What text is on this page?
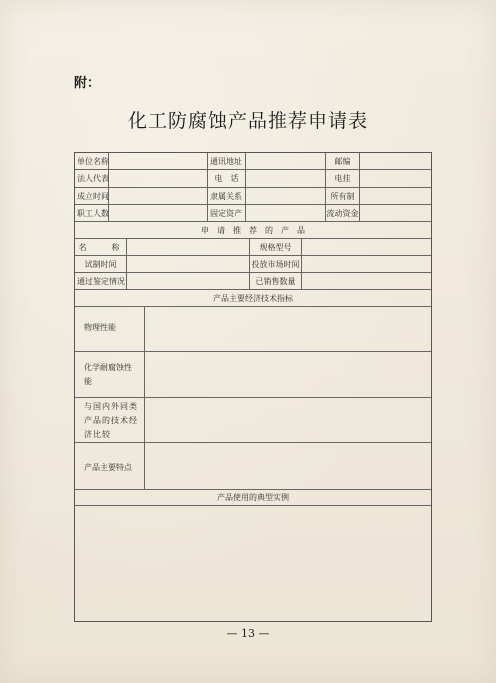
附：
化工防腐蚀产品推荐申请表
单位名称	通讯地址	邮编
法人代表	电　话	电挂
成立时间	隶属关系	所有制
职工人数	固定资产	流动资金
申　请　推　荐　的　产　品
名　　称	规格型号
试制时间	投放市场时间
通过鉴定情况	已销售数量
产品主要经济技术指标
物理性能
化学耐腐蚀性能
与国内外同类产品的技术经济比较
产品主要特点
产品使用的典型实例
— 13 —
